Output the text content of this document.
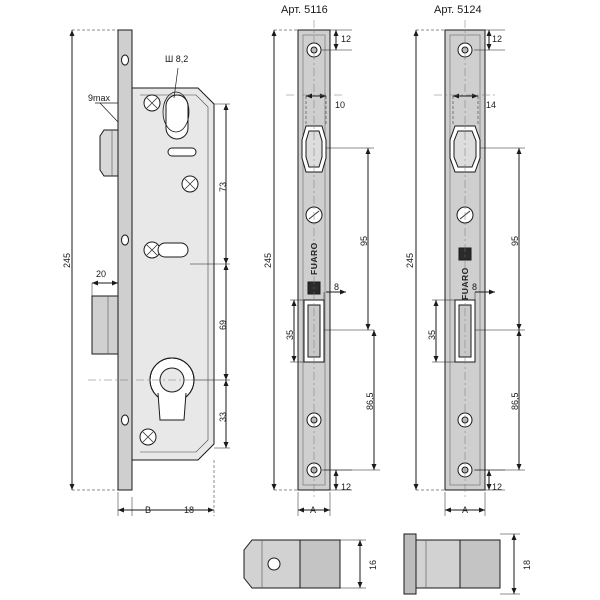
Арт. 5116	Арт. 5124
245
9max
Ш 8,2
73
69
33
20
B	18
12
10
245
95
8
35
86,5
12
A
FUARO
12
14
245
95
8
35
86,5
12
A
FUARO
16	18
